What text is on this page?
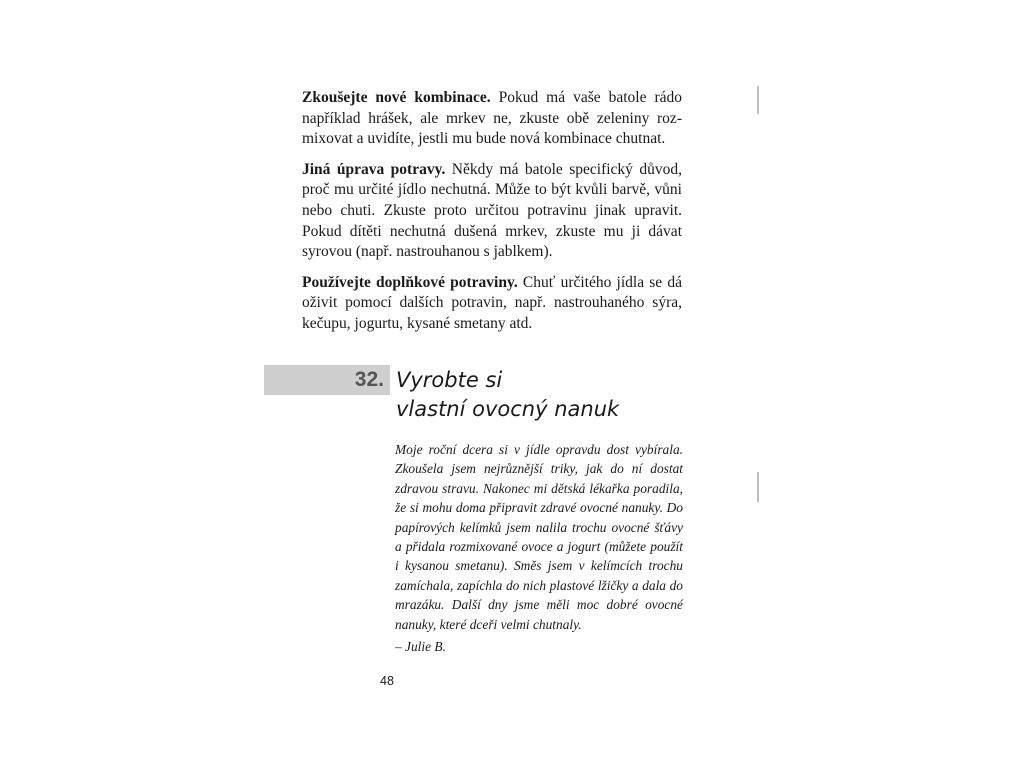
Zkoušejte nové kombinace. Pokud má vaše batole rádo například hrášek, ale mrkev ne, zkuste obě zeleniny rozmixovat a uvidíte, jestli mu bude nová kombinace chutnat.

Jiná úprava potravy. Někdy má batole specifický důvod, proč mu určité jídlo nechutná. Může to být kvůli barvě, vůni nebo chuti. Zkuste proto určitou potravinu jinak upravit. Pokud dítěti nechutná dušená mrkev, zkuste mu ji dávat syrovou (např. nastrouhanou s jablkem).

Používejte doplňkové potraviny. Chuť určitého jídla se dá oživit pomocí dalších potravin, např. nastrouhaného sýra, kečupu, jogurtu, kysané smetany atd.

32. Vyrobte si
vlastní ovocný nanuk

Moje roční dcera si v jídle opravdu dost vybírala. Zkoušela jsem nejrůznější triky, jak do ní dostat zdravou stravu. Nakonec mi dětská lékařka poradila, že si mohu doma připravit zdravé ovocné nanuky. Do papírových kelímků jsem nalila trochu ovocné šťávy a přidala rozmixované ovoce a jogurt (můžete použít i kysanou smetanu). Směs jsem v kelímcích trochu zamíchala, zapíchla do nich plastové lžičky a dala do mrazáku. Další dny jsme měli moc dobré ovocné nanuky, které dceři velmi chutnaly.

– Julie B.

48
